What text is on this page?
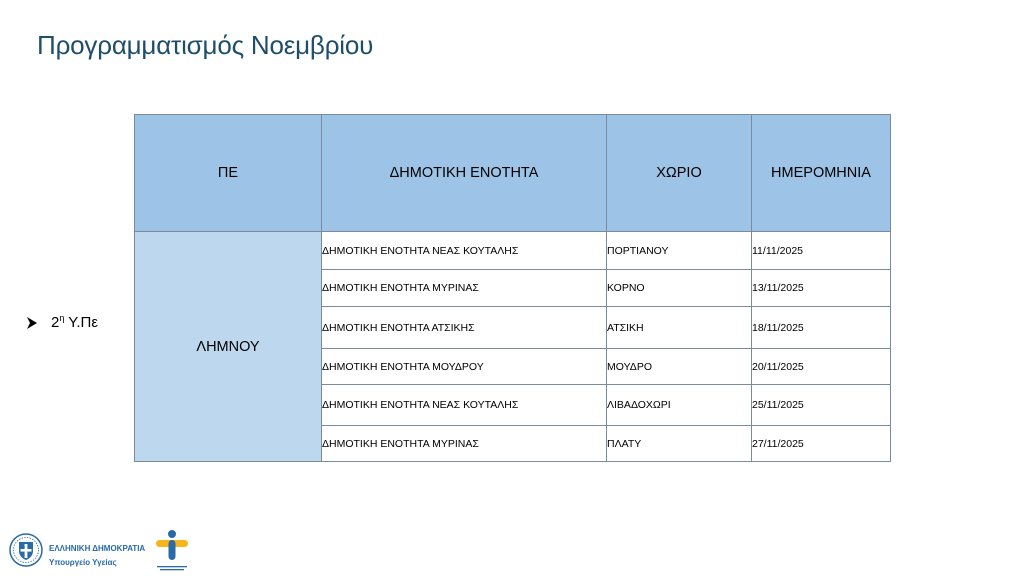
Προγραμματισμός Νοεμβρίου
$2^\eta$ Υ.Πε
ΠΕ	ΔΗΜΟΤΙΚΗ ΕΝΟΤΗΤΑ	ΧΩΡΙΟ	ΗΜΕΡΟΜΗΝΙΑ
ΛΗΜΝΟΥ	ΔΗΜΟΤΙΚΗ ΕΝΟΤΗΤΑ ΝΕΑΣ ΚΟΥΤΑΛΗΣ	ΠΟΡΤΙΑΝΟΥ	11/11/2025
	ΔΗΜΟΤΙΚΗ ΕΝΟΤΗΤΑ ΜΥΡΙΝΑΣ	ΚΟΡΝΟ	13/11/2025
	ΔΗΜΟΤΙΚΗ ΕΝΟΤΗΤΑ ΑΤΣΙΚΗΣ	ΑΤΣΙΚΗ	18/11/2025
	ΔΗΜΟΤΙΚΗ ΕΝΟΤΗΤΑ ΜΟΥΔΡΟΥ	ΜΟΥΔΡΟ	20/11/2025
	ΔΗΜΟΤΙΚΗ ΕΝΟΤΗΤΑ ΝΕΑΣ ΚΟΥΤΑΛΗΣ	ΛΙΒΑΔΟΧΩΡΙ	25/11/2025
	ΔΗΜΟΤΙΚΗ ΕΝΟΤΗΤΑ ΜΥΡΙΝΑΣ	ΠΛΑΤΥ	27/11/2025
ΕΛΛΗΝΙΚΗ ΔΗΜΟΚΡΑΤΙΑ
Υπουργείο Υγείας
